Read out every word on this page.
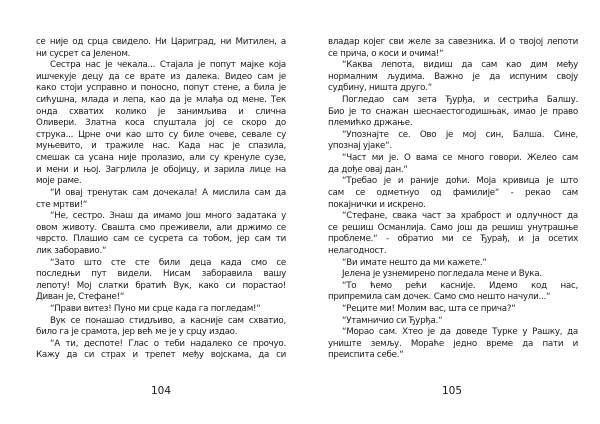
се није од срца свидело. Ни Цариград, ни Митилен, а
ни сусрет са Јеленом.
Сестра нас је чекала... Стајала је попут мајке која
ишчекује децу да се врате из далека. Видео сам је
како стоји усправно и поносно, попут стене, а била је
сићушна, млада и лепа, као да је млађа од мене. Тек
онда схватих колико је занимљива и слична
Оливери. Златна коса спуштала јој се скоро до
струка... Црне очи као што су биле очеве, севале су
муњевито, и тражиле нас. Када нас је спазила,
смешак са усана није пролазио, али су кренуле сузе,
и мени и њој. Загрлила је обојицу, и зарила лице на
моје раме.
“И овај тренутак сам дочекала! А мислила сам да
сте мртви!“
“Не, сестро. Знаш да имамо још много задатака у
овом животу. Свашта смо преживели, али држимо се
чврсто. Плашио сам се сусрета са тобом, јер сам ти
лик заборавио.“
“Зато што сте сте били деца када смо се
последњи пут видели. Нисам заборавила вашу
лепоту! Мој слатки братић Вук, како си порастао!
Диван је, Стефане!“
“Прави витез! Пуно ми срце када га погледам!“
Вук се понашао стидљиво, а касније сам схватио,
било га је срамота, јер већ ме је у срцу издао.
“А ти, деспоте! Глас о теби надалеко се прочуо.
Кажу да си страх и трепет међу војскама, да си
104
владар којег сви желе за савезника. И о твојој лепоти
се прича, о коси и очима!“
“Каква лепота, видиш да сам као дим међу
нормалним људима. Важно је да испуним своју
судбину, ништа друго.“
Погледао сам зета Ђурђа, и сестрића Балшу.
Био је то снажан шеснаестогодишњак, имао је право
племићко држање.
“Упознајте се. Ово је мој син, Балша. Сине,
упознај ујаке“.
“Част ми је. О вама се много говори. Желео сам
да дође овај дан.“
“Требао је и раније доћи. Моја кривица је што
сам се одметнуо од фамилије“ - рекао сам
покајнички и искрено.
“Стефане, свака част за храброст и одлучност да
се решиш Османлија. Само још да решиш унутрашње
проблеме.“ - обратио ми се Ђурађ, и ја осетих
нелагодност.
“Ви имате нешто да ми кажете.“
Јелена је узнемирено погледала мене и Вука.
“То ћемо рећи касније. Идемо код нас,
припремила сам дочек. Само смо нешто начули...“
“Реците ми! Молим вас, шта се прича?“
“Утамничио си Ђурђа.“
“Морао сам. Хтео је да доведе Турке у Рашку, да
униште земљу. Мораће једно време да пати и
преиспита себе.“
105
